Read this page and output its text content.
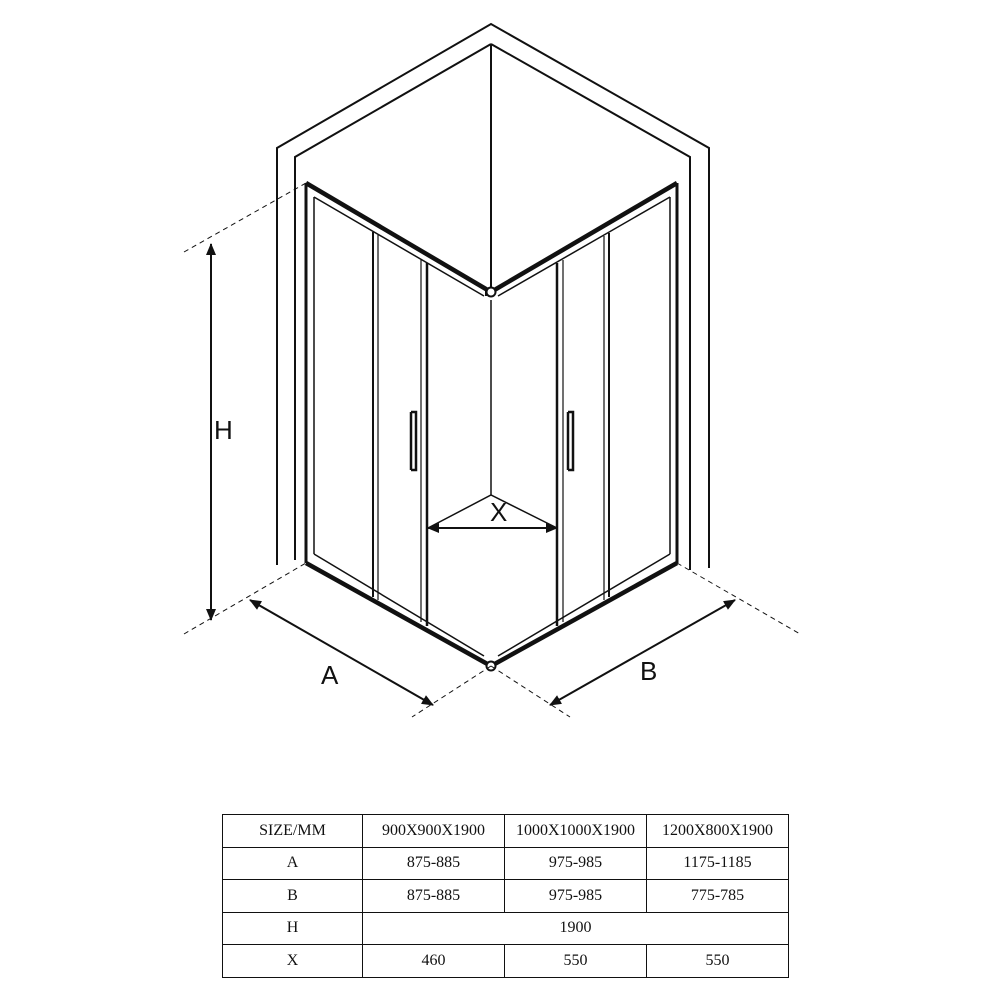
H
A	B
X
SIZE/MM	900X900X1900	1000X1000X1900	1200X800X1900
A	875-885	975-985	1175-1185
B	875-885	975-985	775-785
H	1900		
X	460	550	550
